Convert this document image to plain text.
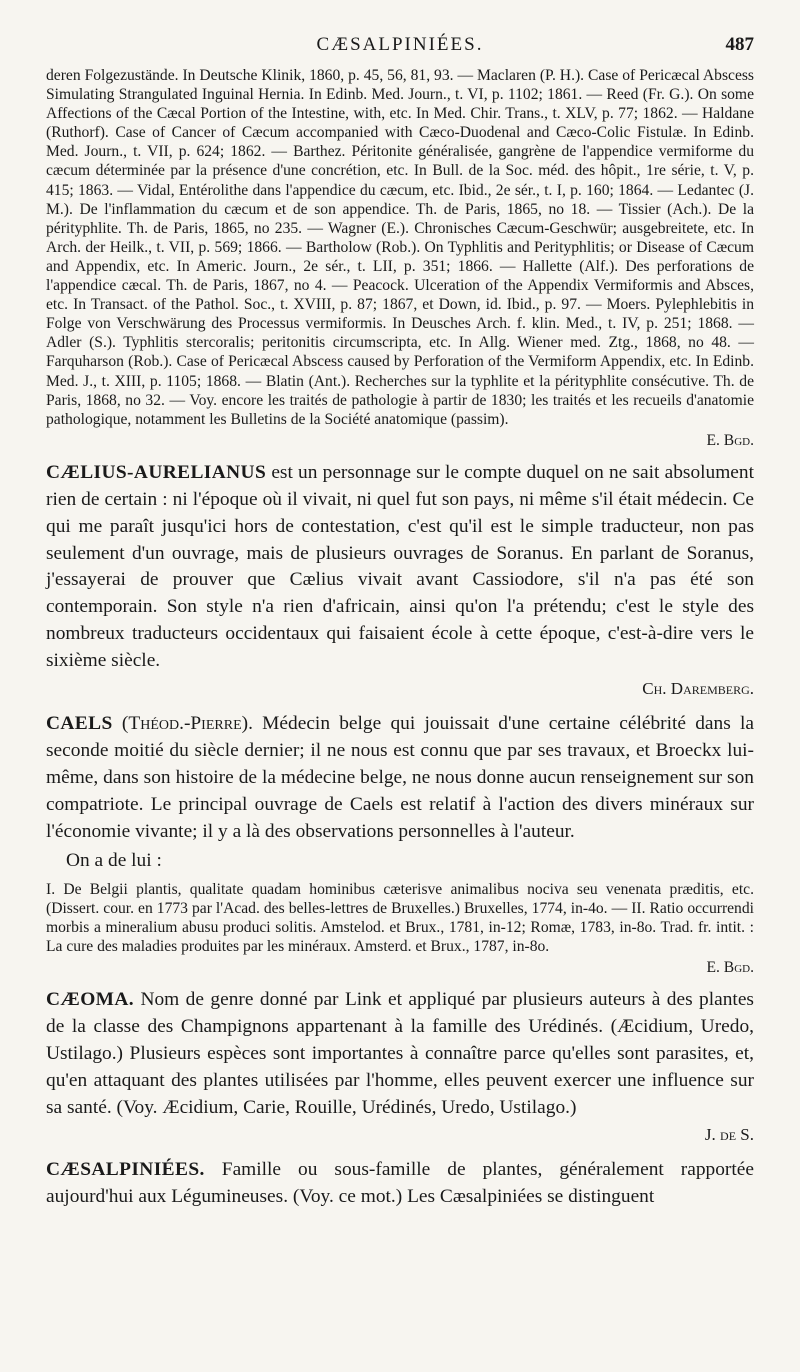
CÆSALPINIÉES.	487

deren Folgezustände. In Deutsche Klinik, 1860, p. 45, 56, 81, 93. — Maclaren (P. H.). Case of Pericæcal Abscess Simulating Strangulated Inguinal Hernia. In Edinb. Med. Journ., t. VI, p. 1102; 1861. — Reed (Fr. G.). On some Affections of the Cæcal Portion of the Intestine, with, etc. In Med. Chir. Trans., t. XLV, p. 77; 1862. — Haldane (Ruthorf). Case of Cancer of Cæcum accompanied with Cæco-Duodenal and Cæco-Colic Fistulæ. In Edinb. Med. Journ., t. VII, p. 624; 1862. — Barthez. Péritonite généralisée, gangrène de l'appendice vermiforme du cæcum déterminée par la présence d'une concrétion, etc. In Bull. de la Soc. méd. des hôpit., 1re série, t. V, p. 415; 1863. — Vidal, Entérolithe dans l'appendice du cæcum, etc. Ibid., 2e sér., t. I, p. 160; 1864. — Ledantec (J. M.). De l'inflammation du cæcum et de son appendice. Th. de Paris, 1865, no 18. — Tissier (Ach.). De la pérityphlite. Th. de Paris, 1865, no 235. — Wagner (E.). Chronisches Cæcum-Geschwür; ausgebreitete, etc. In Arch. der Heilk., t. VII, p. 569; 1866. — Bartholow (Rob.). On Typhlitis and Perityphlitis; or Disease of Cæcum and Appendix, etc. In Americ. Journ., 2e sér., t. LII, p. 351; 1866. — Hallette (Alf.). Des perforations de l'appendice cæcal. Th. de Paris, 1867, no 4. — Peacock. Ulceration of the Appendix Vermiformis and Absces, etc. In Transact. of the Pathol. Soc., t. XVIII, p. 87; 1867, et Down, id. Ibid., p. 97. — Moers. Pylephlebitis in Folge von Verschwärung des Processus vermiformis. In Deusches Arch. f. klin. Med., t. IV, p. 251; 1868. — Adler (S.). Typhlitis stercoralis; peritonitis circumscripta, etc. In Allg. Wiener med. Ztg., 1868, no 48. — Farquharson (Rob.). Case of Pericæcal Abscess caused by Perforation of the Vermiform Appendix, etc. In Edinb. Med. J., t. XIII, p. 1105; 1868. — Blatin (Ant.). Recherches sur la typhlite et la pérityphlite consécutive. Th. de Paris, 1868, no 32. — Voy. encore les traités de pathologie à partir de 1830; les traités et les recueils d'anatomie pathologique, notamment les Bulletins de la Société anatomique (passim).

E. Bgd.

CÆLIUS-AURELIANUS est un personnage sur le compte duquel on ne sait absolument rien de certain : ni l'époque où il vivait, ni quel fut son pays, ni même s'il était médecin. Ce qui me paraît jusqu'ici hors de contestation, c'est qu'il est le simple traducteur, non pas seulement d'un ouvrage, mais de plusieurs ouvrages de Soranus. En parlant de Soranus, j'essayerai de prouver que Cælius vivait avant Cassiodore, s'il n'a pas été son contemporain. Son style n'a rien d'africain, ainsi qu'on l'a prétendu; c'est le style des nombreux traducteurs occidentaux qui faisaient école à cette époque, c'est-à-dire vers le sixième siècle.

Ch. Daremberg.

CAELS (Théod.-Pierre). Médecin belge qui jouissait d'une certaine célébrité dans la seconde moitié du siècle dernier; il ne nous est connu que par ses travaux, et Broeckx lui-même, dans son histoire de la médecine belge, ne nous donne aucun renseignement sur son compatriote. Le principal ouvrage de Caels est relatif à l'action des divers minéraux sur l'économie vivante; il y a là des observations personnelles à l'auteur.

On a de lui :

I. De Belgii plantis, qualitate quadam hominibus cæterisve animalibus nociva seu venenata præditis, etc. (Dissert. cour. en 1773 par l'Acad. des belles-lettres de Bruxelles.) Bruxelles, 1774, in-4o. — II. Ratio occurrendi morbis a mineralium abusu produci solitis. Amstelod. et Brux., 1781, in-12; Romæ, 1783, in-8o. Trad. fr. intit. : La cure des maladies produites par les minéraux. Amsterd. et Brux., 1787, in-8o.

E. Bgd.

CÆOMA. Nom de genre donné par Link et appliqué par plusieurs auteurs à des plantes de la classe des Champignons appartenant à la famille des Urédinés. (Æcidium, Uredo, Ustilago.) Plusieurs espèces sont importantes à connaître parce qu'elles sont parasites, et, qu'en attaquant des plantes utilisées par l'homme, elles peuvent exercer une influence sur sa santé. (Voy. Æcidium, Carie, Rouille, Urédinés, Uredo, Ustilago.)

J. de S.

CÆSALPINIÉES. Famille ou sous-famille de plantes, généralement rapportée aujourd'hui aux Légumineuses. (Voy. ce mot.) Les Cæsalpiniées se distinguent
